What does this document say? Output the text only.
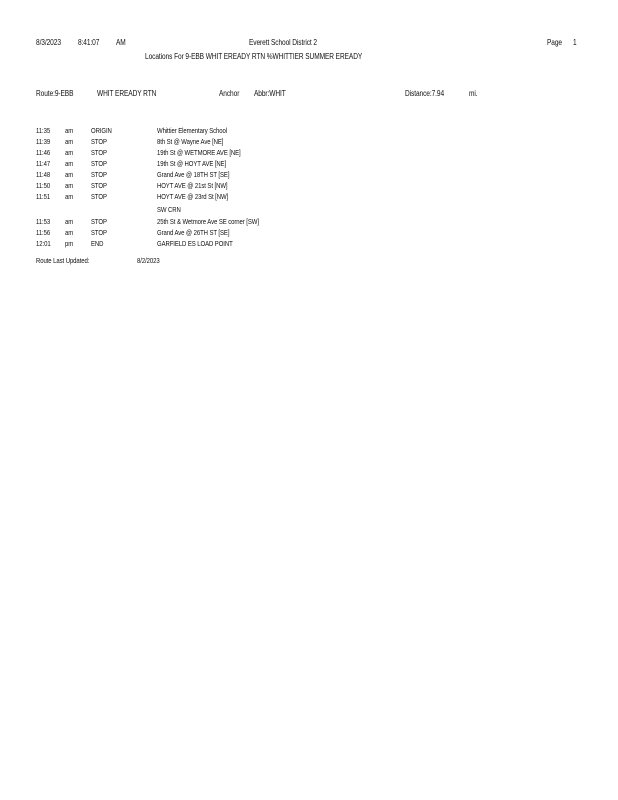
8/3/2023 8:41:07 AM	Everett School District 2	Page 1
Locations For 9-EBB WHIT EREADY RTN %WHITTIER SUMMER EREADY
Route:9-EBB	WHIT EREADY RTN	Anchor Abbr:WHIT	Distance:7.94	mi.
11:35 am ORIGIN	Whittier Elementary School
11:39 am STOP	8th St @ Wayne Ave [NE]
11:46 am STOP	19th St @ WETMORE AVE [NE]
11:47 am STOP	19th St @ HOYT AVE [NE]
11:48 am STOP	Grand Ave @ 18TH ST [SE]
11:50 am STOP	HOYT AVE @ 21st St [NW]
11:51 am STOP	HOYT AVE @ 23rd St [NW]
SW CRN
11:53 am STOP	25th St & Wetmore Ave SE corner [SW]
11:56 am STOP	Grand Ave @ 26TH ST [SE]
12:01 pm END	GARFIELD ES LOAD POINT
Route Last Updated:	8/2/2023
